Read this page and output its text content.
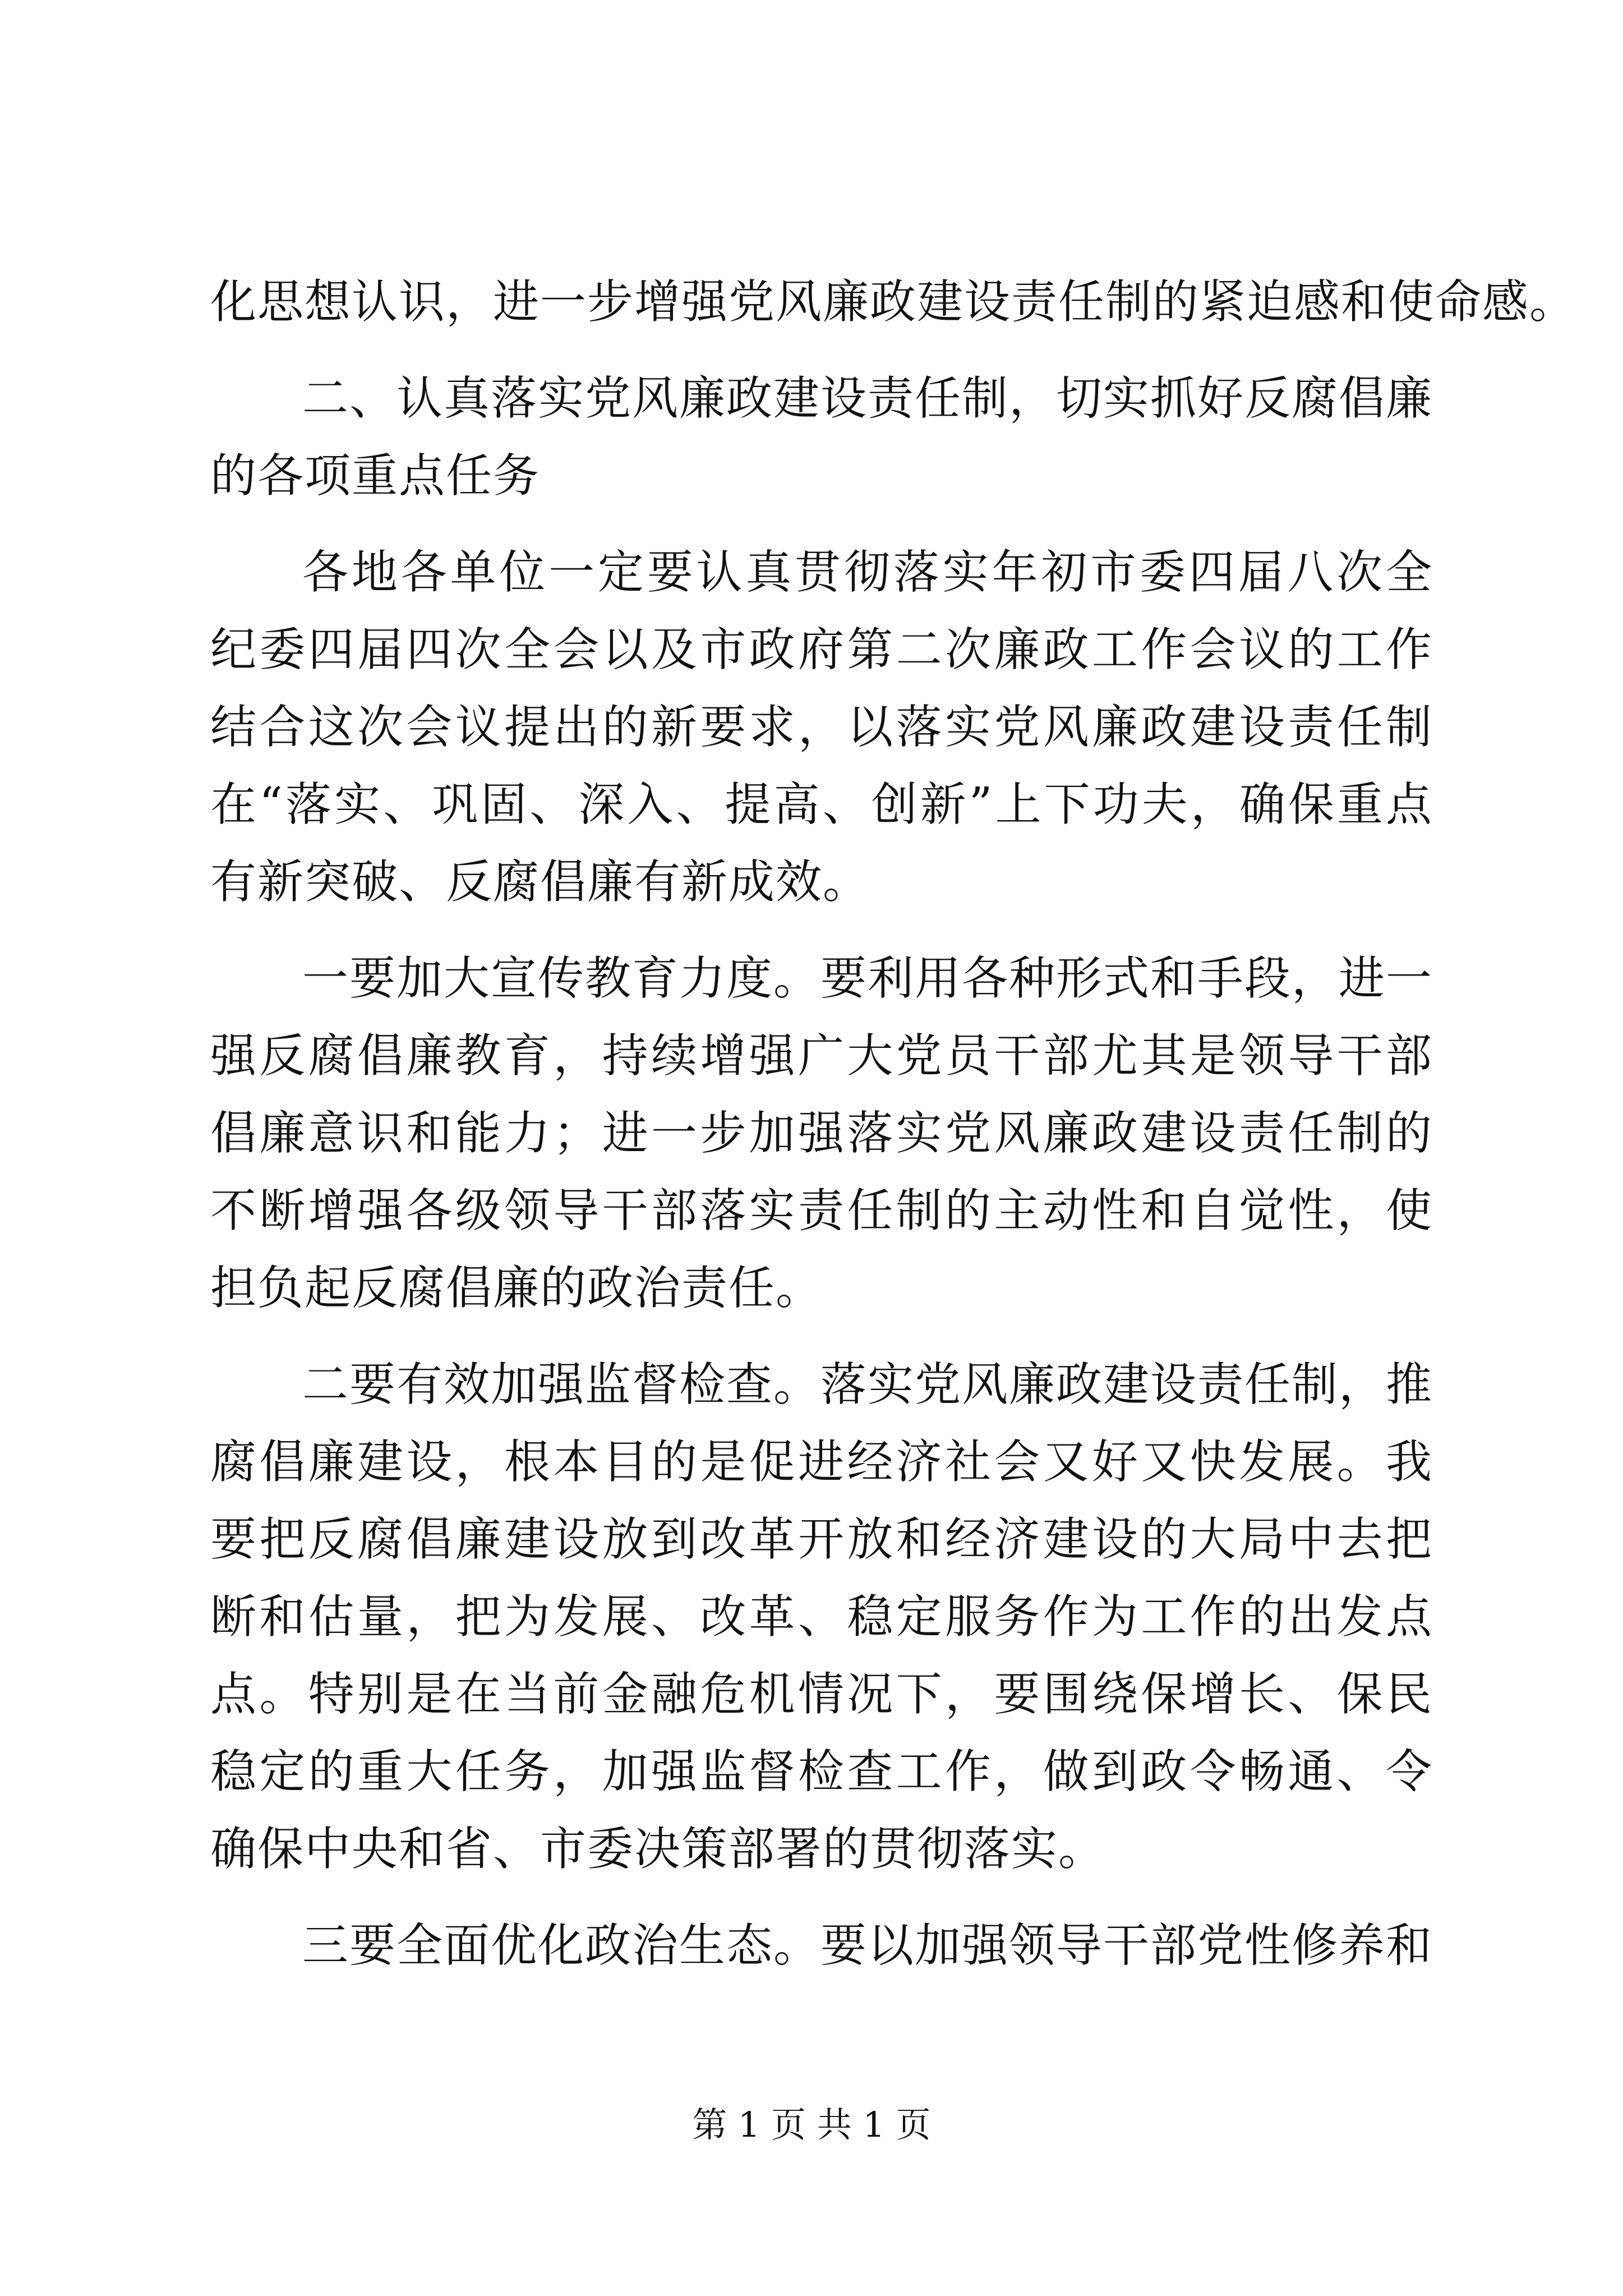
化思想认识，进一步增强党风廉政建设责任制的紧迫感和使命感。
二、认真落实党风廉政建设责任制，切实抓好反腐倡廉
的各项重点任务
各地各单位一定要认真贯彻落实年初市委四届八次全
纪委四届四次全会以及市政府第二次廉政工作会议的工作
结合这次会议提出的新要求，以落实党风廉政建设责任制
在“落实、巩固、深入、提高、创新”上下功夫，确保重点
有新突破、反腐倡廉有新成效。
一要加大宣传教育力度。要利用各种形式和手段，进一
强反腐倡廉教育，持续增强广大党员干部尤其是领导干部
倡廉意识和能力；进一步加强落实党风廉政建设责任制的
不断增强各级领导干部落实责任制的主动性和自觉性，使
担负起反腐倡廉的政治责任。
二要有效加强监督检查。落实党风廉政建设责任制，推
腐倡廉建设，根本目的是促进经济社会又好又快发展。我
要把反腐倡廉建设放到改革开放和经济建设的大局中去把
断和估量，把为发展、改革、稳定服务作为工作的出发点
点。特别是在当前金融危机情况下，要围绕保增长、保民
稳定的重大任务，加强监督检查工作，做到政令畅通、令
确保中央和省、市委决策部署的贯彻落实。
三要全面优化政治生态。要以加强领导干部党性修养和
第 1 页 共 1 页
